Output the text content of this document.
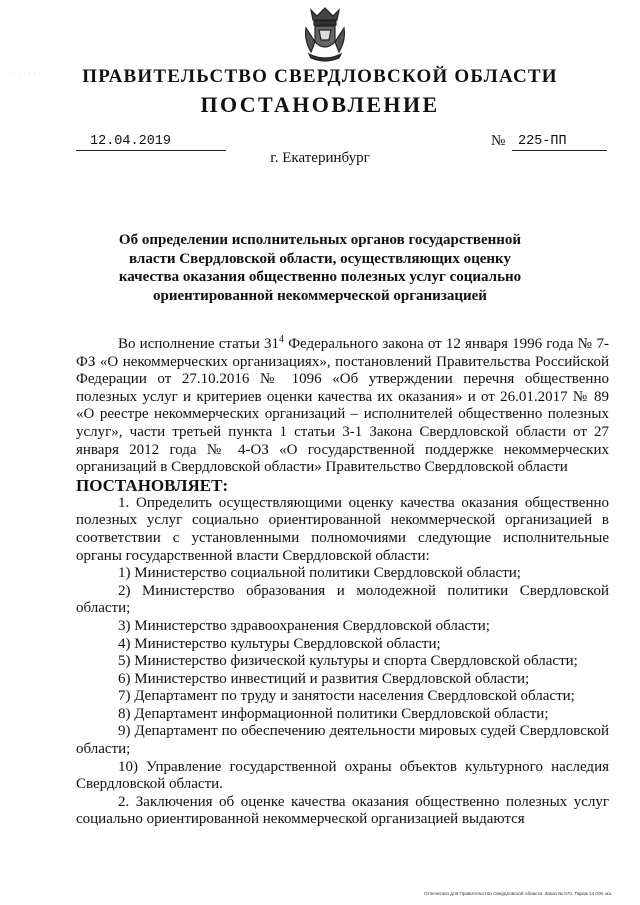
· · · · · · · · ·	ПРАВИТЕЛЬСТВО СВЕРДЛОВСКОЙ ОБЛАСТИ
ПОСТАНОВЛЕНИЕ
12.04.2019	№ 225-ПП
г. Екатеринбург
Об определении исполнительных органов государственной власти Свердловской области, осуществляющих оценку качества оказания общественно полезных услуг социально ориентированной некоммерческой организацией

Во исполнение статьи $31^4$ Федерального закона от 12 января 1996 года № 7-ФЗ «О некоммерческих организациях», постановлений Правительства Российской Федерации от 27.10.2016 № 1096 «Об утверждении перечня общественно полезных услуг и критериев оценки качества их оказания» и от 26.01.2017 № 89 «О реестре некоммерческих организаций – исполнителей общественно полезных услуг», части третьей пункта 1 статьи 3-1 Закона Свердловской области от 27 января 2012 года № 4-ОЗ «О государственной поддержке некоммерческих организаций в Свердловской области» Правительство Свердловской области

ПОСТАНОВЛЯЕТ:

1. Определить осуществляющими оценку качества оказания общественно полезных услуг социально ориентированной некоммерческой организацией в соответствии с установленными полномочиями следующие исполнительные органы государственной власти Свердловской области:

1) Министерство социальной политики Свердловской области;

2) Министерство образования и молодежной политики Свердловской области;

3) Министерство здравоохранения Свердловской области;

4) Министерство культуры Свердловской области;

5) Министерство физической культуры и спорта Свердловской области;

6) Министерство инвестиций и развития Свердловской области;

7) Департамент по труду и занятости населения Свердловской области;

8) Департамент информационной политики Свердловской области;

9) Департамент по обеспечению деятельности мировых судей Свердловской области;

10) Управление государственной охраны объектов культурного наследия Свердловской области.

2. Заключения об оценке качества оказания общественно полезных услуг социально ориентированной некоммерческой организацией выдаются

Отпечатано для Правительства Свердловской области. Заказ № 570. Тираж 14 000 экз.
